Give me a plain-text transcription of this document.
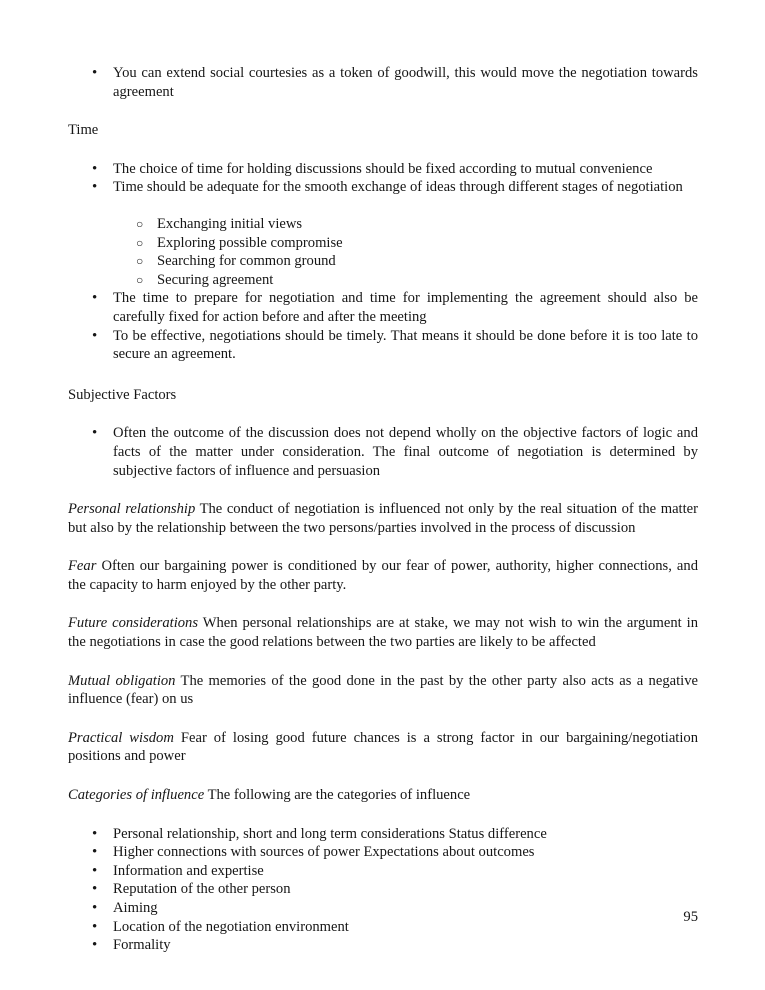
• You can extend social courtesies as a token of goodwill, this would move the negotiation towards agreement

Time

• The choice of time for holding discussions should be fixed according to mutual convenience
• Time should be adequate for the smooth exchange of ideas through different stages of negotiation
○ Exchanging initial views
○ Exploring possible compromise
○ Searching for common ground
○ Securing agreement
• The time to prepare for negotiation and time for implementing the agreement should also be carefully fixed for action before and after the meeting
• To be effective, negotiations should be timely. That means it should be done before it is too late to secure an agreement.

Subjective Factors

• Often the outcome of the discussion does not depend wholly on the objective factors of logic and facts of the matter under consideration. The final outcome of negotiation is determined by subjective factors of influence and persuasion

Personal relationship The conduct of negotiation is influenced not only by the real situation of the matter but also by the relationship between the two persons/parties involved in the process of discussion

Fear Often our bargaining power is conditioned by our fear of power, authority, higher connections, and the capacity to harm enjoyed by the other party.

Future considerations When personal relationships are at stake, we may not wish to win the argument in the negotiations in case the good relations between the two parties are likely to be affected

Mutual obligation The memories of the good done in the past by the other party also acts as a negative influence (fear) on us

Practical wisdom Fear of losing good future chances is a strong factor in our bargaining/negotiation positions and power

Categories of influence The following are the categories of influence

• Personal relationship, short and long term considerations Status difference
• Higher connections with sources of power Expectations about outcomes
• Information and expertise
• Reputation of the other person
• Aiming
• Location of the negotiation environment
• Formality
95
